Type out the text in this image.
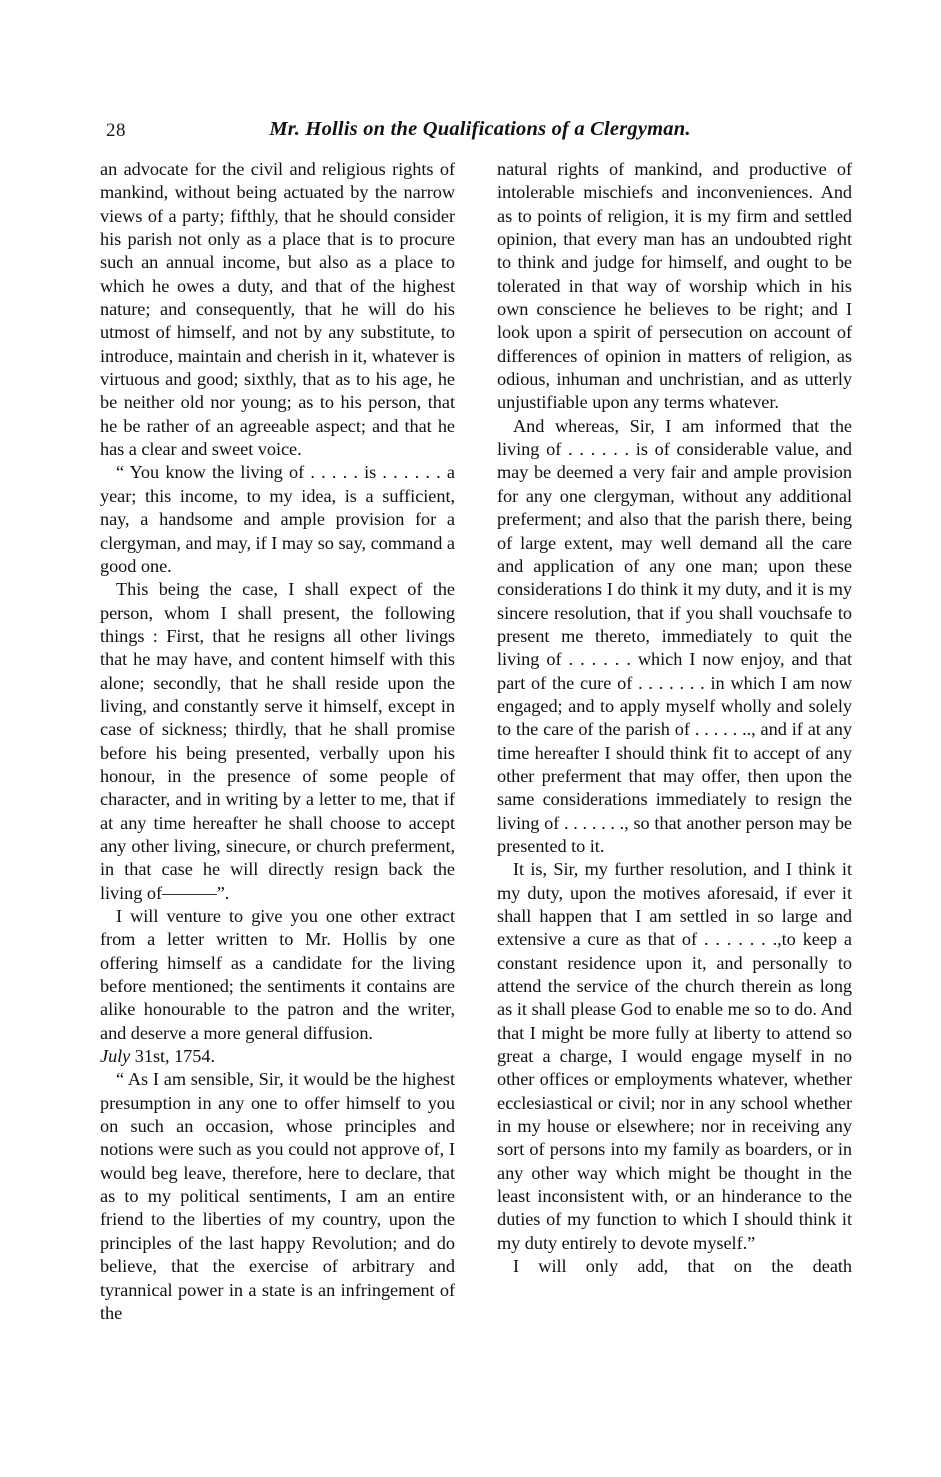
28	Mr. Hollis on the Qualifications of a Clergyman.

an advocate for the civil and religious rights of mankind, without being actuated by the narrow views of a party; fifthly, that he should consider his parish not only as a place that is to procure such an annual income, but also as a place to which he owes a duty, and that of the highest nature; and consequently, that he will do his utmost of himself, and not by any substitute, to introduce, maintain and cherish in it, whatever is virtuous and good; sixthly, that as to his age, he be neither old nor young; as to his person, that he be rather of an agreeable aspect; and that he has a clear and sweet voice.

“ You know the living of . . . . . is . . . . . . a year; this income, to my idea, is a sufficient, nay, a handsome and ample provision for a clergyman, and may, if I may so say, command a good one.

This being the case, I shall expect of the person, whom I shall present, the following things : First, that he resigns all other livings that he may have, and content himself with this alone; secondly, that he shall reside upon the living, and constantly serve it himself, except in case of sickness; thirdly, that he shall promise before his being presented, verbally upon his honour, in the presence of some people of character, and in writing by a letter to me, that if at any time hereafter he shall choose to accept any other living, sinecure, or church preferment, in that case he will directly resign back the living of———”.

I will venture to give you one other extract from a letter written to Mr. Hollis by one offering himself as a candidate for the living before mentioned; the sentiments it contains are alike honourable to the patron and the writer, and deserve a more general diffusion.

July 31st, 1754.

“ As I am sensible, Sir, it would be the highest presumption in any one to offer himself to you on such an occasion, whose principles and notions were such as you could not approve of, I would beg leave, therefore, here to declare, that as to my political sentiments, I am an entire friend to the liberties of my country, upon the principles of the last happy Revolution; and do believe, that the exercise of arbitrary and tyrannical power in a state is an infringement of the

natural rights of mankind, and productive of intolerable mischiefs and inconveniences. And as to points of religion, it is my firm and settled opinion, that every man has an undoubted right to think and judge for himself, and ought to be tolerated in that way of worship which in his own conscience he believes to be right; and I look upon a spirit of persecution on account of differences of opinion in matters of religion, as odious, inhuman and unchristian, and as utterly unjustifiable upon any terms whatever.

And whereas, Sir, I am informed that the living of . . . . . . is of considerable value, and may be deemed a very fair and ample provision for any one clergyman, without any additional preferment; and also that the parish there, being of large extent, may well demand all the care and application of any one man; upon these considerations I do think it my duty, and it is my sincere resolution, that if you shall vouchsafe to present me thereto, immediately to quit the living of . . . . . . which I now enjoy, and that part of the cure of . . . . . . . in which I am now engaged; and to apply myself wholly and solely to the care of the parish of . . . . . .., and if at any time hereafter I should think fit to accept of any other preferment that may offer, then upon the same considerations immediately to resign the living of . . . . . . ., so that another person may be presented to it.

It is, Sir, my further resolution, and I think it my duty, upon the motives aforesaid, if ever it shall happen that I am settled in so large and extensive a cure as that of . . . . . . .,to keep a constant residence upon it, and personally to attend the service of the church therein as long as it shall please God to enable me so to do. And that I might be more fully at liberty to attend so great a charge, I would engage myself in no other offices or employments whatever, whether ecclesiastical or civil; nor in any school whether in my house or elsewhere; nor in receiving any sort of persons into my family as boarders, or in any other way which might be thought in the least inconsistent with, or an hinderance to the duties of my function to which I should think it my duty entirely to devote myself.”

I will only add, that on the death
